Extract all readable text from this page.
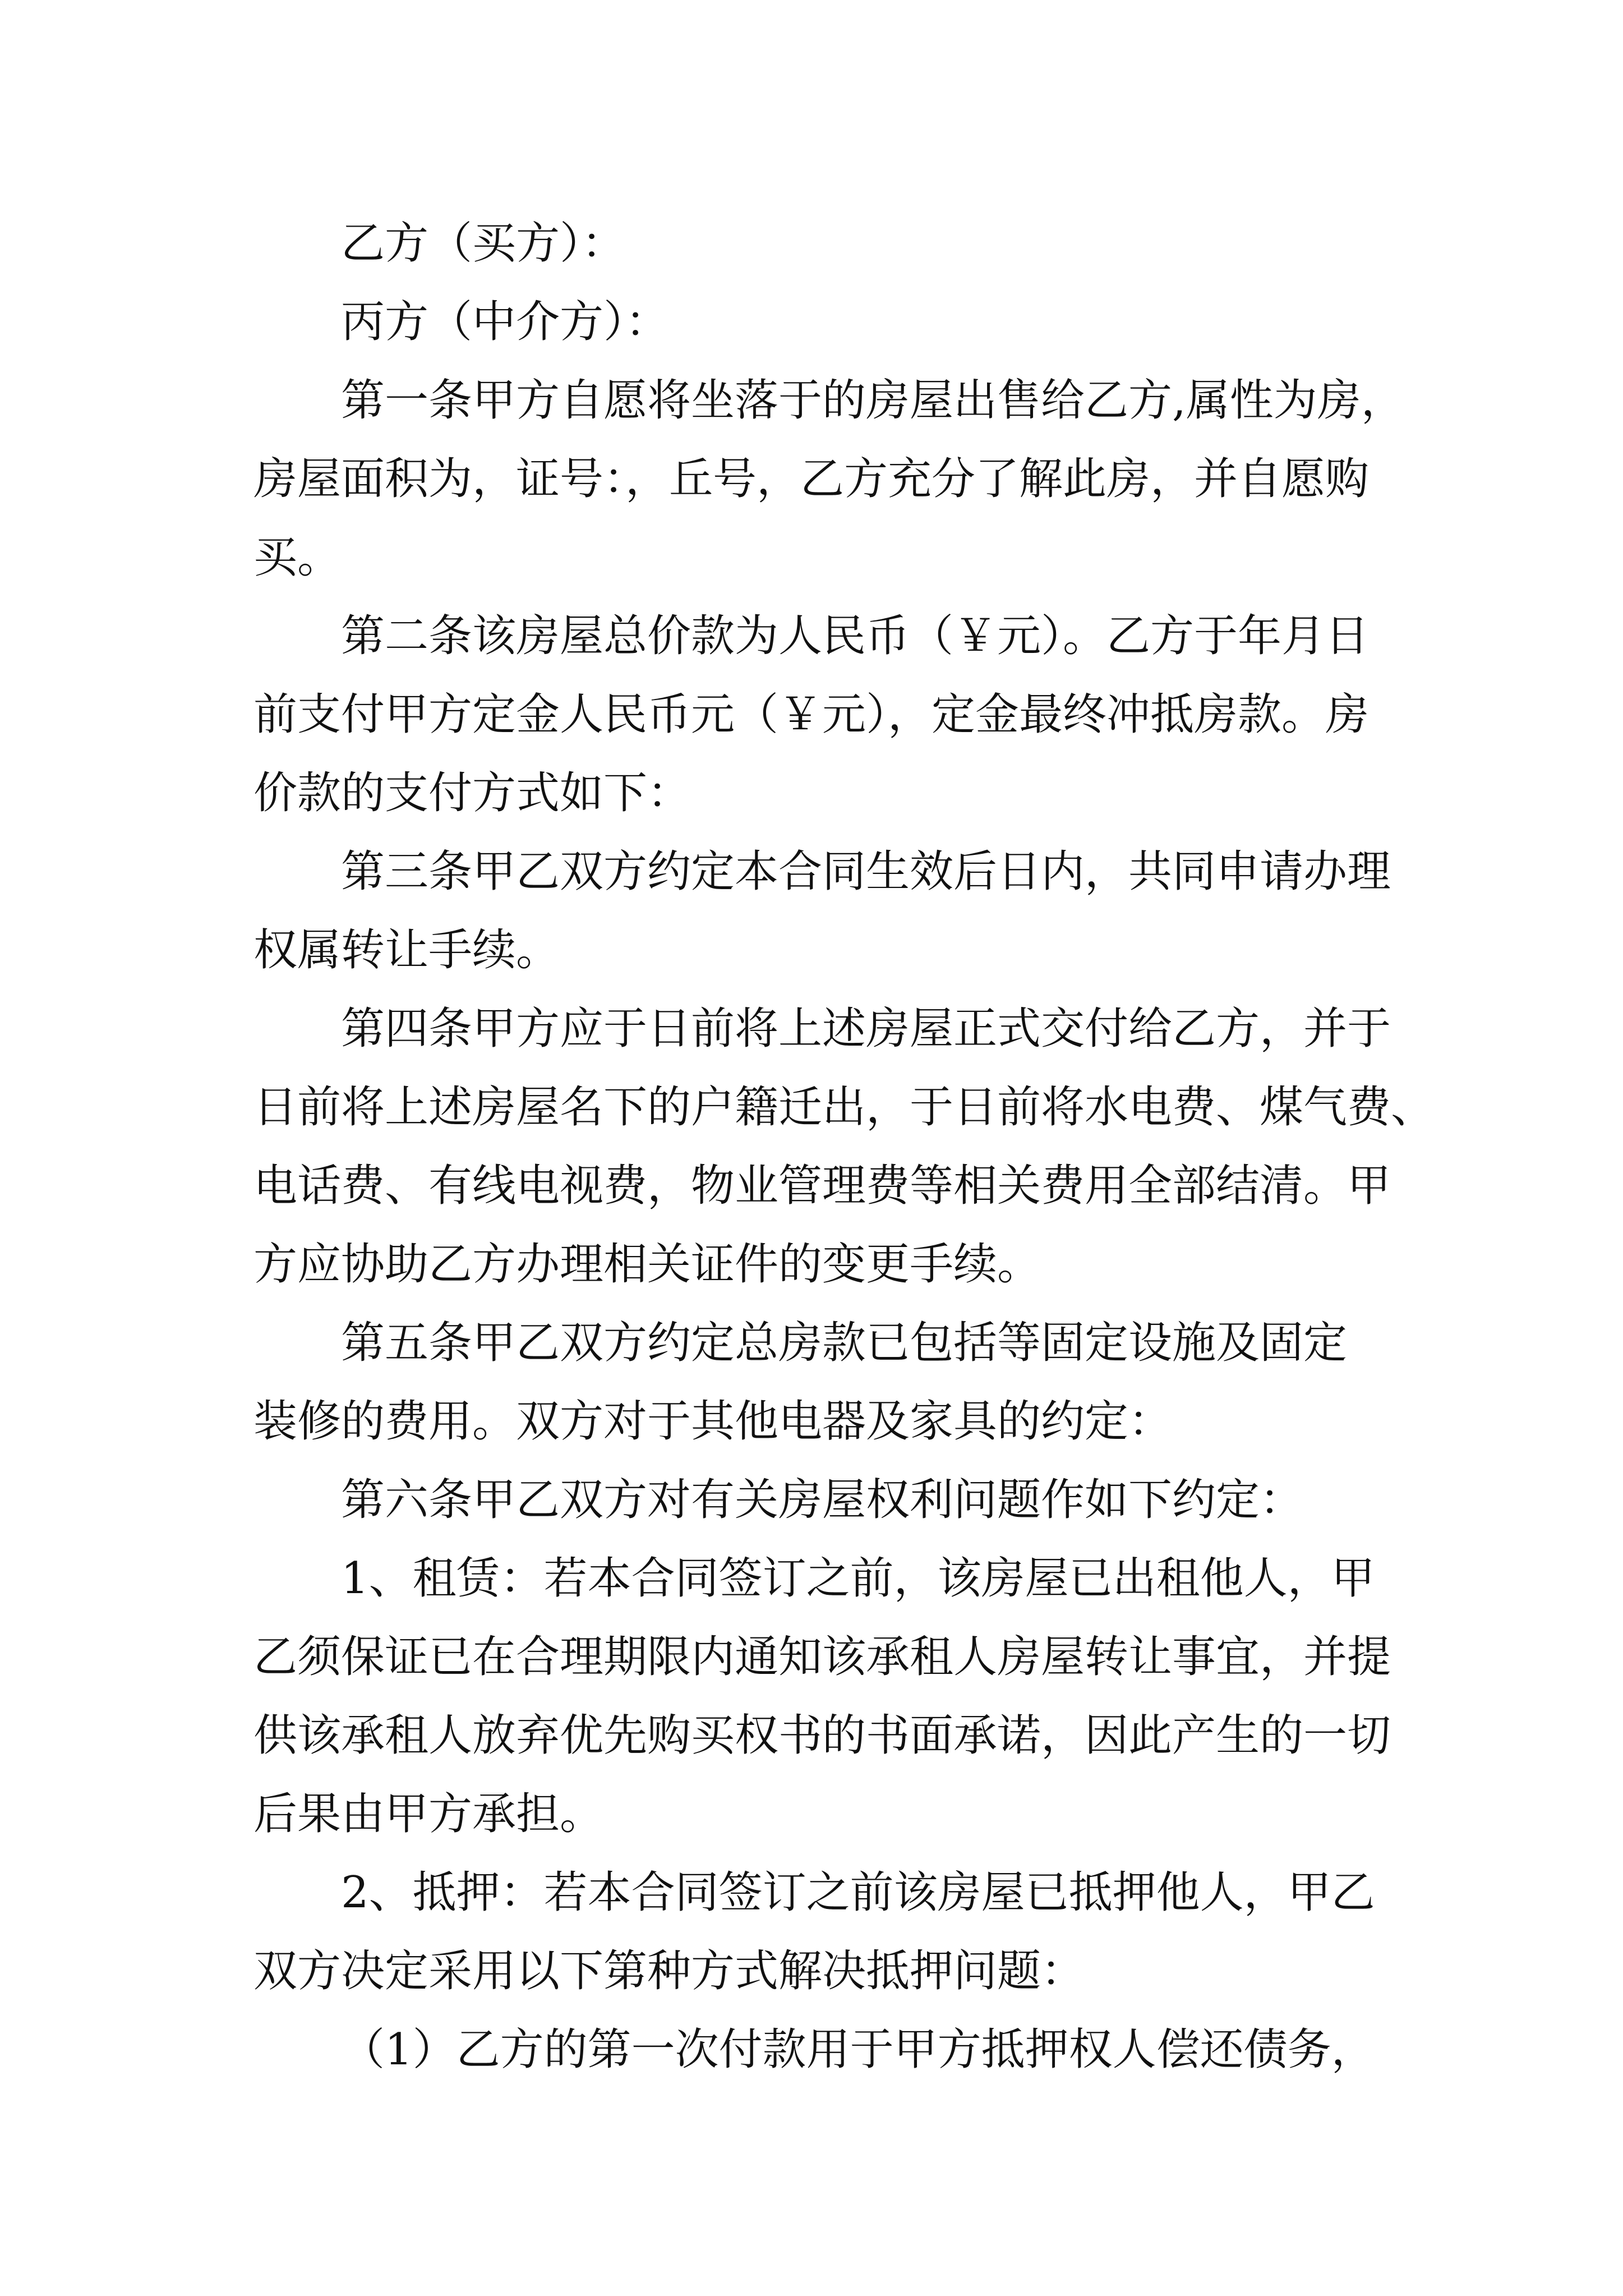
乙方（买方）：
丙方（中介方）：
第一条甲方自愿将坐落于的房屋出售给乙方,属性为房，
房屋面积为，证号：，丘号，乙方充分了解此房，并自愿购
买。
第二条该房屋总价款为人民币（￥元）。乙方于年月日
前支付甲方定金人民币元（￥元），定金最终冲抵房款。房
价款的支付方式如下：
第三条甲乙双方约定本合同生效后日内，共同申请办理
权属转让手续。
第四条甲方应于日前将上述房屋正式交付给乙方，并于
日前将上述房屋名下的户籍迁出，于日前将水电费、煤气费、
电话费、有线电视费，物业管理费等相关费用全部结清。甲
方应协助乙方办理相关证件的变更手续。
第五条甲乙双方约定总房款已包括等固定设施及固定
装修的费用。双方对于其他电器及家具的约定：
第六条甲乙双方对有关房屋权利问题作如下约定：
1、租赁：若本合同签订之前，该房屋已出租他人，甲
乙须保证已在合理期限内通知该承租人房屋转让事宜，并提
供该承租人放弃优先购买权书的书面承诺，因此产生的一切
后果由甲方承担。
2、抵押：若本合同签订之前该房屋已抵押他人，甲乙
双方决定采用以下第种方式解决抵押问题：
（1）乙方的第一次付款用于甲方抵押权人偿还债务，
